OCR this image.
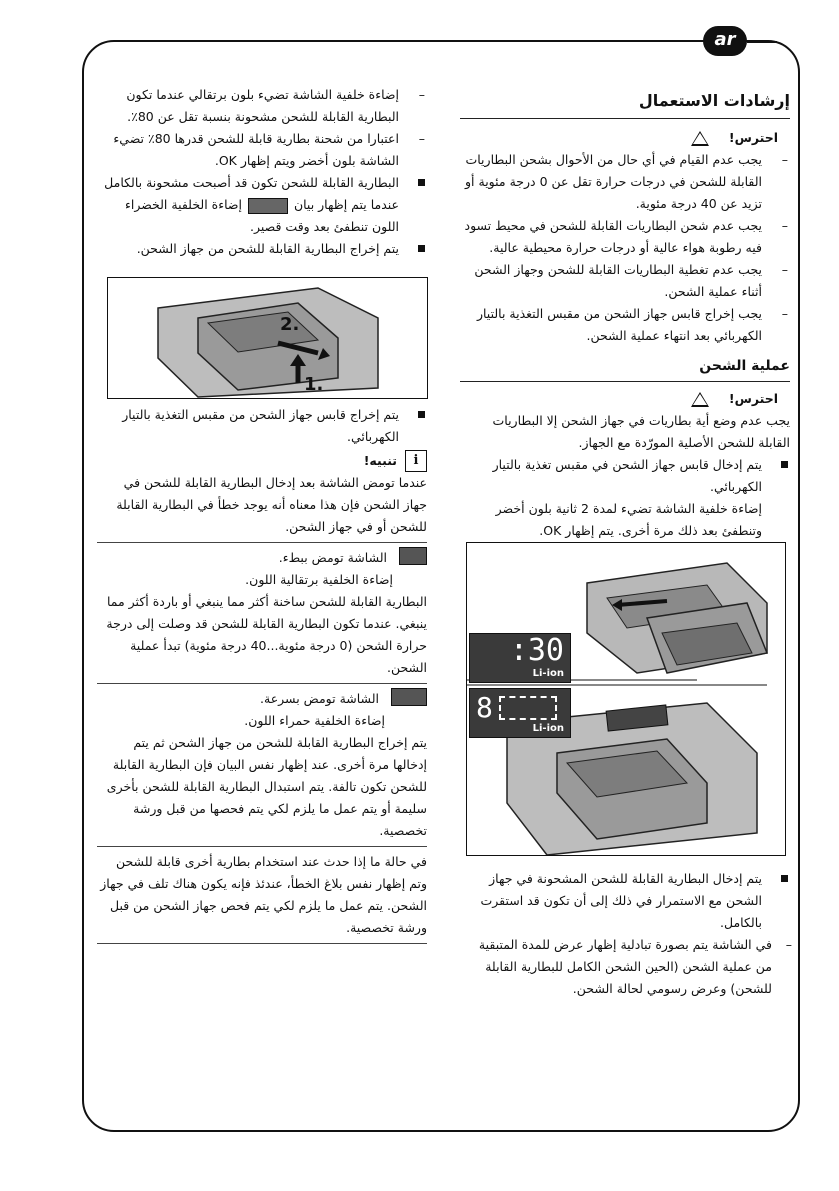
ar
إرشادات الاستعمال
احترس!
!
– يجب عدم القيام في أي حال من الأحوال بشحن البطاريات القابلة للشحن في درجات حرارة تقل عن 0 درجة مئوية أو تزيد عن 40 درجة مئوية.
– يجب عدم شحن البطاريات القابلة للشحن في محيط تسود فيه رطوبة هواء عالية أو درجات حرارة محيطية عالية.
– يجب عدم تغطية البطاريات القابلة للشحن وجهاز الشحن أثناء عملية الشحن.
– يجب إخراج قابس جهاز الشحن من مقبس التغذية بالتيار الكهربائي بعد انتهاء عملية الشحن.
عملية الشحن
احترس!
!
يجب عدم وضع أية بطاريات في جهاز الشحن إلا البطاريات القابلة للشحن الأصلية المورّدة مع الجهاز.
يتم إدخال قابس جهاز الشحن في مقبس تغذية بالتيار الكهربائي.
إضاءة خلفية الشاشة تضيء لمدة 2 ثانية بلون أخضر وتنطفئ بعد ذلك مرة أخرى. يتم إظهار OK.
:30
Li-ion
8
Li-ion
يتم إدخال البطارية القابلة للشحن المشحونة في جهاز الشحن مع الاستمرار في ذلك إلى أن تكون قد استقرت بالكامل.
– في الشاشة يتم بصورة تبادلية إظهار عرض للمدة المتبقية من عملية الشحن (الحين الشحن الكامل للبطارية القابلة للشحن) وعرض رسومي لحالة الشحن.
– إضاءة خلفية الشاشة تضيء بلون برتقالي عندما تكون البطارية القابلة للشحن مشحونة بنسبة تقل عن 80٪.
– اعتبارا من شحنة بطارية قابلة للشحن قدرها 80٪ تضيء الشاشة بلون أخضر ويتم إظهار OK.
البطارية القابلة للشحن تكون قد أصبحت مشحونة بالكامل عندما يتم إظهار بيان  إضاءة الخلفية الخضراء اللون تنطفئ بعد وقت قصير.
يتم إخراج البطارية القابلة للشحن من جهاز الشحن.
2.
1.
يتم إخراج قابس جهاز الشحن من مقبس التغذية بالتيار الكهربائي.
i
تنبيه!
عندما تومض الشاشة بعد إدخال البطارية القابلة للشحن في جهاز الشحن فإن هذا معناه أنه يوجد خطأ في البطارية القابلة للشحن أو في جهاز الشحن.
الشاشة تومض ببطء.
إضاءة الخلفية برتقالية اللون.
البطارية القابلة للشحن ساخنة أكثر مما ينبغي أو باردة أكثر مما ينبغي. عندما تكون البطارية القابلة للشحن قد وصلت إلى درجة حرارة الشحن (0 درجة مئوية...40 درجة مئوية) تبدأ عملية الشحن.
الشاشة تومض بسرعة.
إضاءة الخلفية حمراء اللون.
يتم إخراج البطارية القابلة للشحن من جهاز الشحن ثم يتم إدخالها مرة أخرى. عند إظهار نفس البيان فإن البطارية القابلة للشحن تكون تالفة. يتم استبدال البطارية القابلة للشحن بأخرى سليمة أو يتم عمل ما يلزم لكي يتم فحصها من قبل ورشة تخصصية.
في حالة ما إذا حدث عند استخدام بطارية أخرى قابلة للشحن وتم إظهار نفس بلاغ الخطأ، عندئذ فإنه يكون هناك تلف في جهاز الشحن. يتم عمل ما يلزم لكي يتم فحص جهاز الشحن من قبل ورشة تخصصية.
